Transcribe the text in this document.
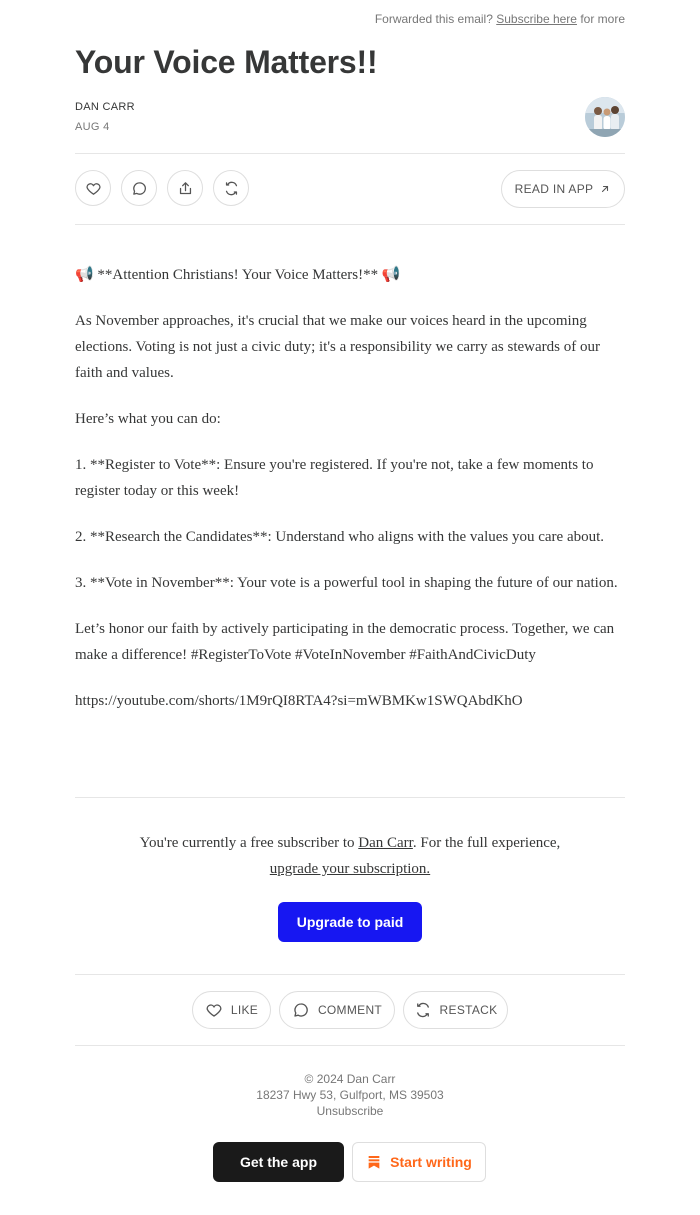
Forwarded this email? Subscribe here for more
Your Voice Matters!!
DAN CARR
AUG 4
READ IN APP

📢 **Attention Christians! Your Voice Matters!** 📢

As November approaches, it's crucial that we make our voices heard in the upcoming elections. Voting is not just a civic duty; it's a responsibility we carry as stewards of our faith and values.

Here’s what you can do:

1. **Register to Vote**: Ensure you're registered. If you're not, take a few moments to register today or this week!

2. **Research the Candidates**: Understand who aligns with the values you care about.

3. **Vote in November**: Your vote is a powerful tool in shaping the future of our nation.

Let’s honor our faith by actively participating in the democratic process. Together, we can make a difference! #RegisterToVote #VoteInNovember #FaithAndCivicDuty

https://youtube.com/shorts/1M9rQI8RTA4?si=mWBMKw1SWQAbdKhO

You're currently a free subscriber to Dan Carr. For the full experience,
upgrade your subscription.
Upgrade to paid
LIKE	COMMENT	RESTACK
© 2024 Dan Carr
18237 Hwy 53, Gulfport, MS 39503
Unsubscribe
Get the app	Start writing
